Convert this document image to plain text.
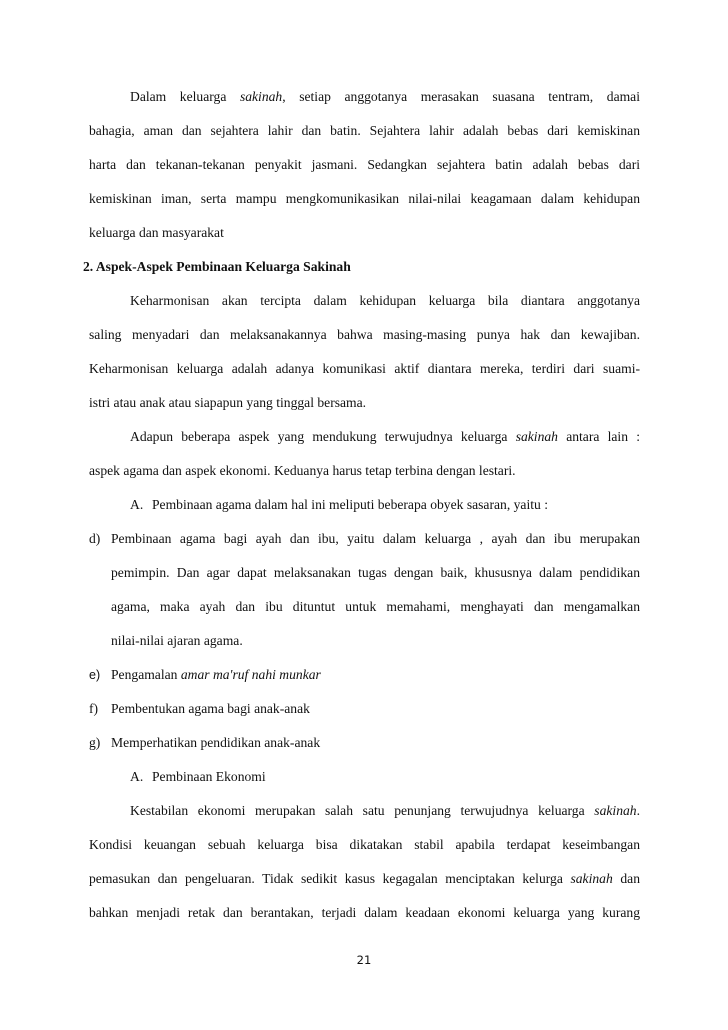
Dalam keluarga sakinah, setiap anggotanya merasakan suasana tentram, damai
bahagia, aman dan sejahtera lahir dan batin. Sejahtera lahir adalah bebas dari kemiskinan
harta dan tekanan-tekanan penyakit jasmani. Sedangkan sejahtera batin adalah bebas dari
kemiskinan iman, serta mampu mengkomunikasikan nilai-nilai keagamaan dalam kehidupan
keluarga dan masyarakat
2. Aspek-Aspek Pembinaan Keluarga Sakinah
Keharmonisan akan tercipta dalam kehidupan keluarga bila diantara anggotanya
saling menyadari dan melaksanakannya bahwa masing-masing punya hak dan kewajiban.
Keharmonisan keluarga adalah adanya komunikasi aktif diantara mereka, terdiri dari suami-
istri atau anak atau siapapun yang tinggal bersama.
Adapun beberapa aspek yang mendukung terwujudnya keluarga sakinah antara lain :
aspek agama dan aspek ekonomi. Keduanya harus tetap terbina dengan lestari.
A. Pembinaan agama dalam hal ini meliputi beberapa obyek sasaran, yaitu :
d) Pembinaan agama bagi ayah dan ibu, yaitu dalam keluarga , ayah dan ibu merupakan
pemimpin. Dan agar dapat melaksanakan tugas dengan baik, khususnya dalam pendidikan
agama, maka ayah dan ibu dituntut untuk memahami, menghayati dan mengamalkan
nilai-nilai ajaran agama.
e) Pengamalan amar ma'ruf nahi munkar
f) Pembentukan agama bagi anak-anak
g) Memperhatikan pendidikan anak-anak
A. Pembinaan Ekonomi
Kestabilan ekonomi merupakan salah satu penunjang terwujudnya keluarga sakinah.
Kondisi keuangan sebuah keluarga bisa dikatakan stabil apabila terdapat keseimbangan
pemasukan dan pengeluaran. Tidak sedikit kasus kegagalan menciptakan kelurga sakinah dan
bahkan menjadi retak dan berantakan, terjadi dalam keadaan ekonomi keluarga yang kurang
21
